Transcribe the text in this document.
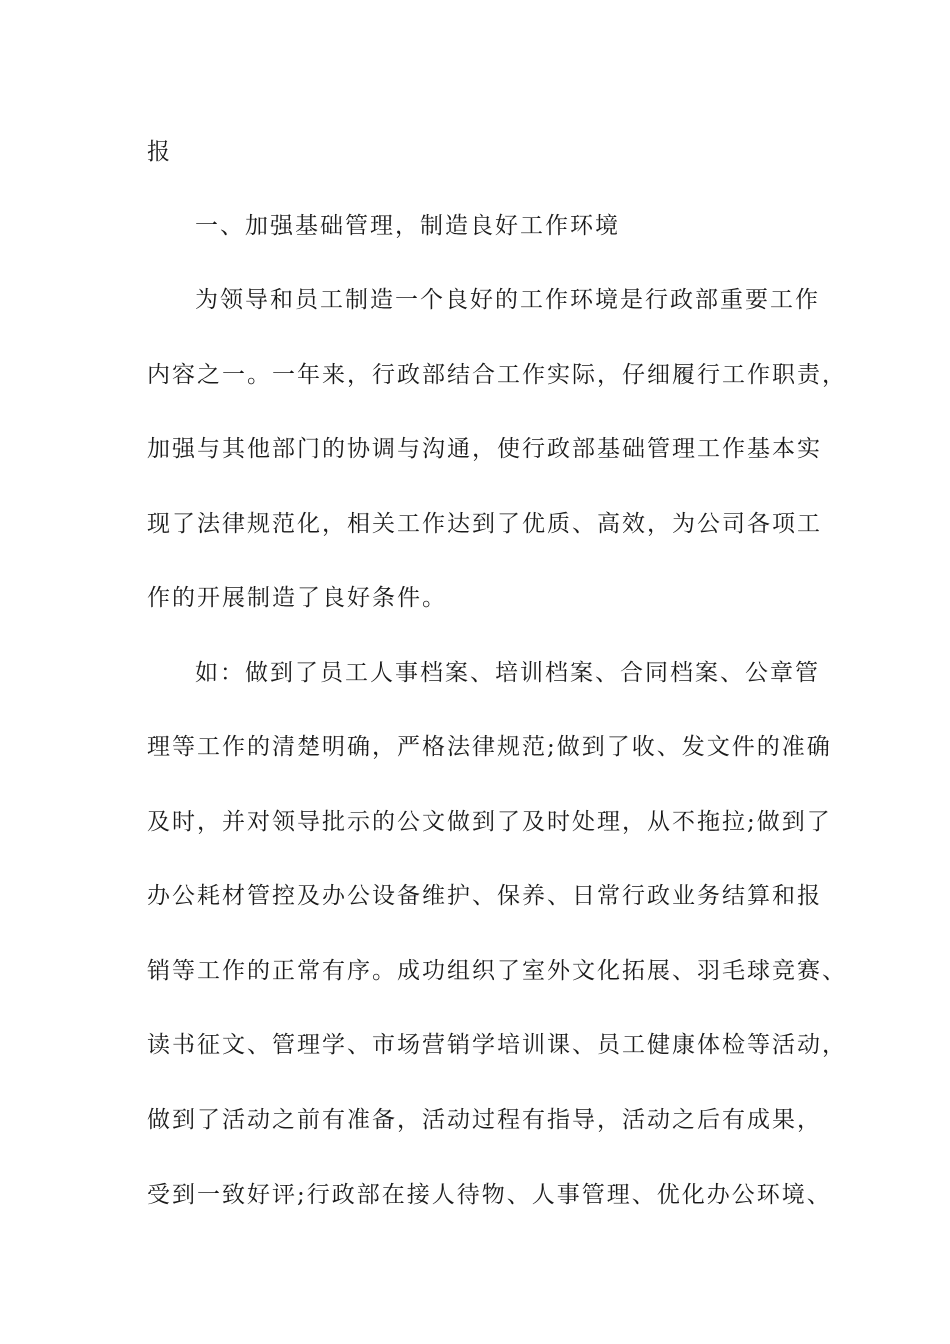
报

一、加强基础管理，制造良好工作环境

为领导和员工制造一个良好的工作环境是行政部重要工作

内容之一。一年来，行政部结合工作实际，仔细履行工作职责，

加强与其他部门的协调与沟通，使行政部基础管理工作基本实

现了法律规范化，相关工作达到了优质、高效，为公司各项工

作的开展制造了良好条件。

如：做到了员工人事档案、培训档案、合同档案、公章管

理等工作的清楚明确，严格法律规范;做到了收、发文件的准确

及时，并对领导批示的公文做到了及时处理，从不拖拉;做到了

办公耗材管控及办公设备维护、保养、日常行政业务结算和报

销等工作的正常有序。成功组织了室外文化拓展、羽毛球竞赛、

读书征文、管理学、市场营销学培训课、员工健康体检等活动，

做到了活动之前有准备，活动过程有指导，活动之后有成果，

受到一致好评;行政部在接人待物、人事管理、优化办公环境、
